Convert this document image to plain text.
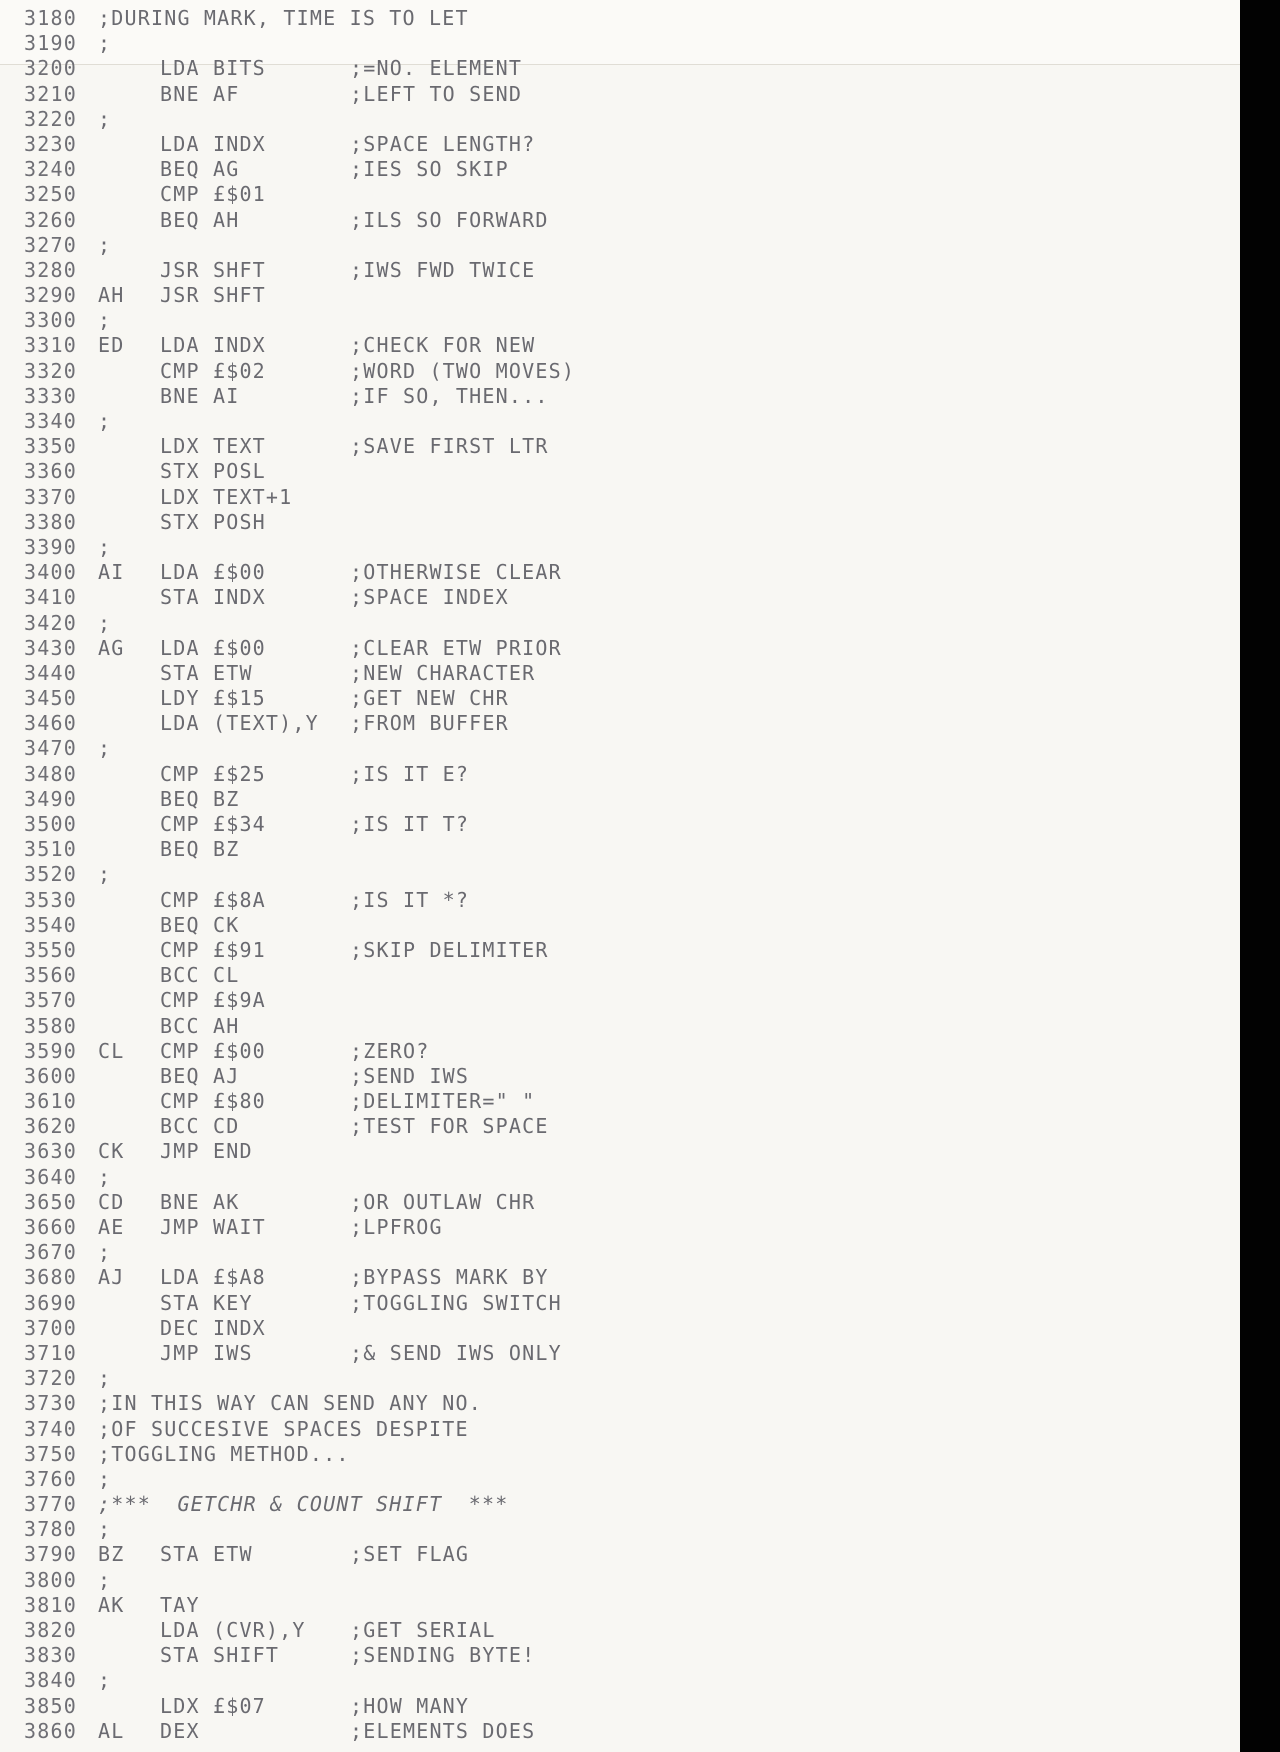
3180 ;DURING MARK, TIME IS TO LET
3190 ;
3200	LDA BITS	;=NO. ELEMENT
3210	BNE AF	;LEFT TO SEND
3220 ;
3230	LDA INDX	;SPACE LENGTH?
3240	BEQ AG	;IES SO SKIP
3250	CMP £$01
3260	BEQ AH	;ILS SO FORWARD
3270 ;
3280	JSR SHFT	;IWS FWD TWICE
3290 AH JSR SHFT
3300 ;
3310 ED LDA INDX	;CHECK FOR NEW
3320	CMP £$02	;WORD (TWO MOVES)
3330	BNE AI	;IF SO, THEN...
3340 ;
3350	LDX TEXT	;SAVE FIRST LTR
3360	STX POSL
3370	LDX TEXT+1
3380	STX POSH
3390 ;
3400 AI LDA £$00	;OTHERWISE CLEAR
3410	STA INDX	;SPACE INDEX
3420 ;
3430 AG LDA £$00	;CLEAR ETW PRIOR
3440	STA ETW	;NEW CHARACTER
3450	LDY £$15	;GET NEW CHR
3460	LDA (TEXT),Y ;FROM BUFFER
3470 ;
3480	CMP £$25	;IS IT E?
3490	BEQ BZ
3500	CMP £$34	;IS IT T?
3510	BEQ BZ
3520 ;
3530	CMP £$8A	;IS IT *?
3540	BEQ CK
3550	CMP £$91	;SKIP DELIMITER
3560	BCC CL
3570	CMP £$9A
3580	BCC AH
3590 CL CMP £$00	;ZERO?
3600	BEQ AJ	;SEND IWS
3610	CMP £$80	;DELIMITER=" "
3620	BCC CD	;TEST FOR SPACE
3630 CK JMP END
3640 ;
3650 CD BNE AK	;OR OUTLAW CHR
3660 AE JMP WAIT	;LPFROG
3670 ;
3680 AJ LDA £$A8	;BYPASS MARK BY
3690	STA KEY	;TOGGLING SWITCH
3700	DEC INDX
3710	JMP IWS	;& SEND IWS ONLY
3720 ;
3730 ;IN THIS WAY CAN SEND ANY NO.
3740 ;OF SUCCESIVE SPACES DESPITE
3750 ;TOGGLING METHOD...
3760 ;
3770 ;***  GETCHR & COUNT SHIFT  ***
3780 ;
3790 BZ STA ETW	;SET FLAG
3800 ;
3810 AK TAY
3820	LDA (CVR),Y ;GET SERIAL
3830	STA SHIFT	;SENDING BYTE!
3840 ;
3850	LDX £$07	;HOW MANY
3860 AL DEX	;ELEMENTS DOES
